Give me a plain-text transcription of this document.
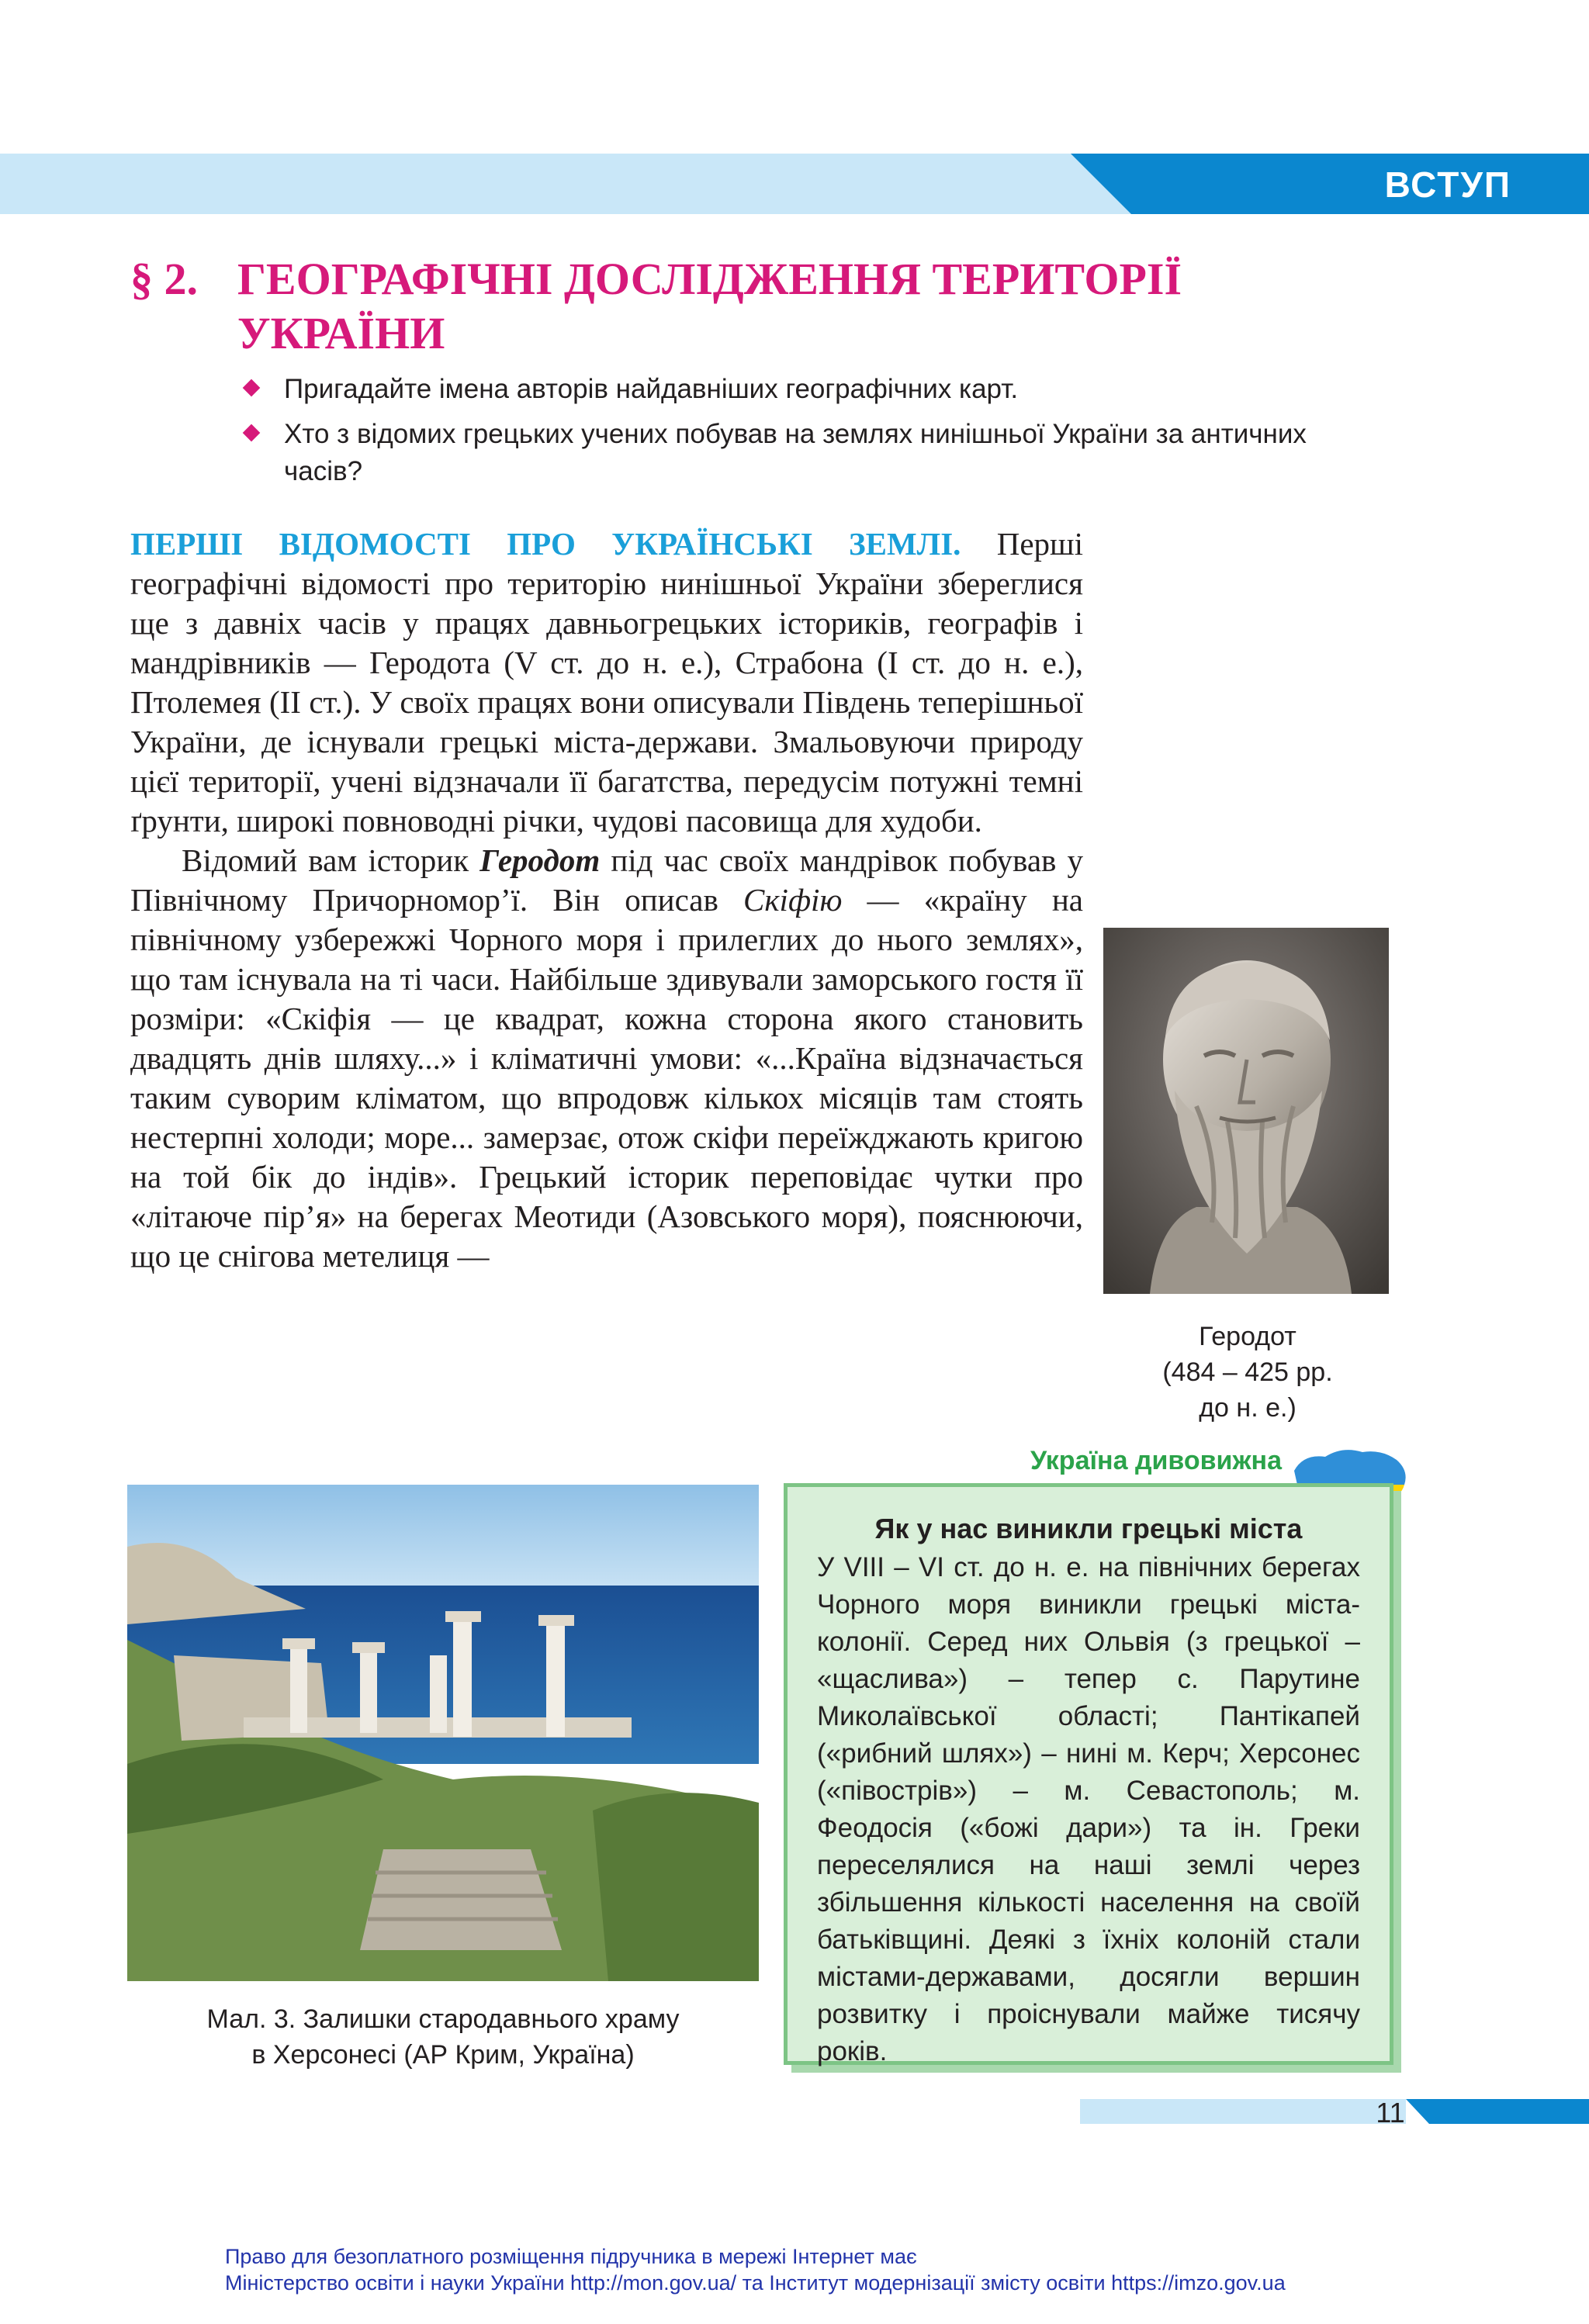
ВСТУП
§ 2. ГЕОГРАФІЧНІ ДОСЛІДЖЕННЯ ТЕРИТОРІЇ
УКРАЇНИ
Пригадайте імена авторів найдавніших географічних карт.
Хто з відомих грецьких учених побував на землях нинішньої України за античних часів?

ПЕРШІ ВІДОМОСТІ ПРО УКРАЇНСЬКІ ЗЕМЛІ. Перші географічні відомості про територію нинішньої України збереглися ще з давніх часів у працях давньогрецьких істориків, географів і мандрівників — Геродота (V ст. до н. е.), Страбона (І ст. до н. е.), Птолемея (ІІ ст.). У своїх працях вони описували Південь теперішньої України, де існували грецькі міста-держави. Змальовуючи природу цієї території, учені відзначали її багатства, передусім потужні темні ґрунти, широкі повноводні річки, чудові пасовища для худоби.

Відомий вам історик Геродот під час своїх мандрівок побував у Північному Причорномор’ї. Він описав Скіфію — «країну на північному узбережжі Чорного моря і прилеглих до нього землях», що там існувала на ті часи. Найбільше здивували заморського гостя її розміри: «Скіфія — це квадрат, кожна сторона якого становить двадцять днів шляху...» і кліматичні умови: «...Країна відзначається таким суворим кліматом, що впродовж кількох місяців там стоять нестерпні холоди; море... замерзає, отож скіфи переїжджають кригою на той бік до індів». Грецький історик переповідає чутки про «літаюче пір’я» на берегах Меотиди (Азовського моря), пояснюючи, що це снігова метелиця —

Геродот
(484 – 425 рр.
до н. е.)
Мал. 3. Залишки стародавнього храму
в Херсонесі (АР Крим, Україна)
Україна дивовижна
Як у нас виникли грецькі міста

У VIII – VI ст. до н. е. на північних берегах Чорного моря виникли грецькі міста-колонії. Серед них Ольвія (з грецької – «щаслива») – тепер с. Парутине Миколаївської області; Пантікапей («рибний шлях») – нині м. Керч; Херсонес («півострів») – м. Севастополь; м. Феодосія («божі дари») та ін. Греки переселялися на наші землі через збільшення кількості населення на своїй батьківщині. Деякі з їхніх колоній стали містами-державами, досягли вершин розвитку і проіснували майже тисячу років.

11
Право для безоплатного розміщення підручника в мережі Інтернет має
Міністерство освіти і науки України http://mon.gov.ua/ та Інститут модернізації змісту освіти https://imzo.gov.ua
